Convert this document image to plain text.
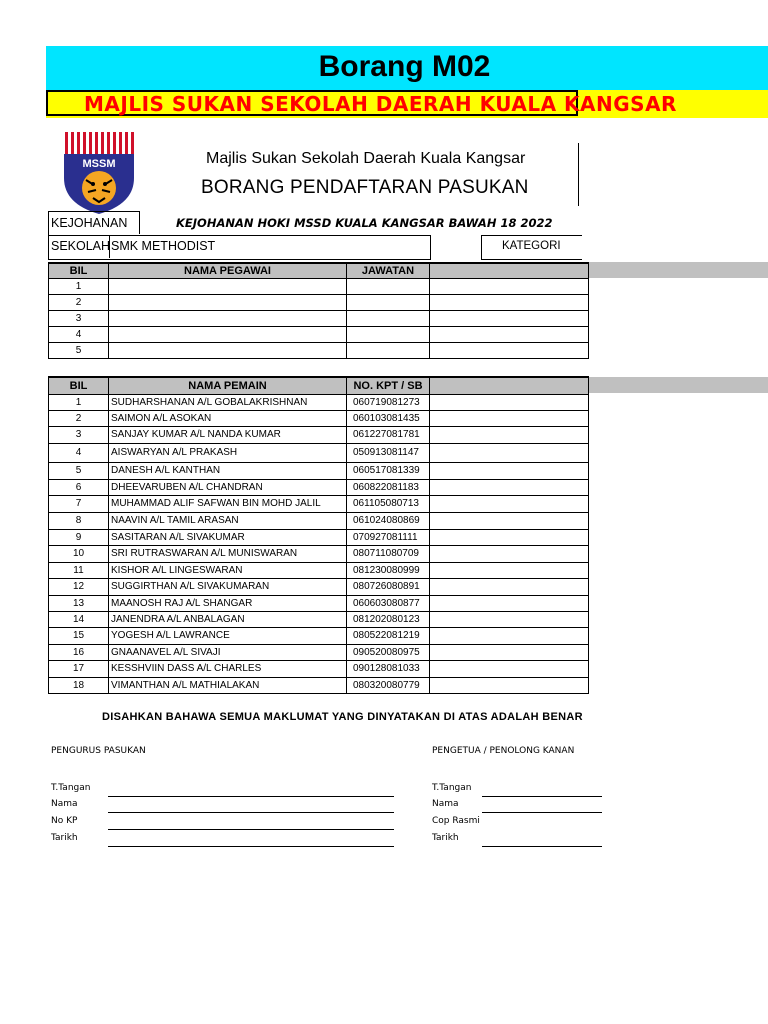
Borang M02
MAJLIS SUKAN SEKOLAH DAERAH KUALA KANGSAR
MSSM	Majlis Sukan Sekolah Daerah Kuala Kangsar
BORANG PENDAFTARAN PASUKAN
KEJOHANAN	KEJOHANAN HOKI MSSD KUALA KANGSAR BAWAH 18 2022
SEKOLAH SMK METHODIST	KATEGORI
BIL	NAMA PEGAWAI	JAWATAN	
1			
2			
3			
4			
5			
BIL	NAMA PEMAIN	NO. KPT / SB	
1	SUDHARSHANAN A/L GOBALAKRISHNAN	060719081273	
2	SAIMON A/L ASOKAN	060103081435	
3	SANJAY KUMAR A/L NANDA KUMAR	061227081781	
4	AISWARYAN A/L PRAKASH	050913081147	
5	DANESH A/L KANTHAN	060517081339	
6	DHEEVARUBEN A/L CHANDRAN	060822081183	
7	MUHAMMAD ALIF SAFWAN BIN MOHD JALIL	061105080713	
8	NAAVIN A/L TAMIL ARASAN	061024080869	
9	SASITARAN A/L SIVAKUMAR	070927081111	
10	SRI RUTRASWARAN A/L MUNISWARAN	080711080709	
11	KISHOR A/L LINGESWARAN	081230080999	
12	SUGGIRTHAN A/L SIVAKUMARAN	080726080891	
13	MAANOSH RAJ A/L SHANGAR	060603080877	
14	JANENDRA A/L ANBALAGAN	081202080123	
15	YOGESH A/L LAWRANCE	080522081219	
16	GNAANAVEL A/L SIVAJI	090520080975	
17	KESSHVIIN DASS A/L CHARLES	090128081033	
18	VIMANTHAN A/L MATHIALAKAN	080320080779	
DISAHKAN BAHAWA SEMUA MAKLUMAT YANG DINYATAKAN DI ATAS ADALAH BENAR
PENGURUS PASUKAN
T.Tangan
Nama
No KP
Tarikh
PENGETUA / PENOLONG KANAN
T.Tangan
Nama
Cop Rasmi
Tarikh
